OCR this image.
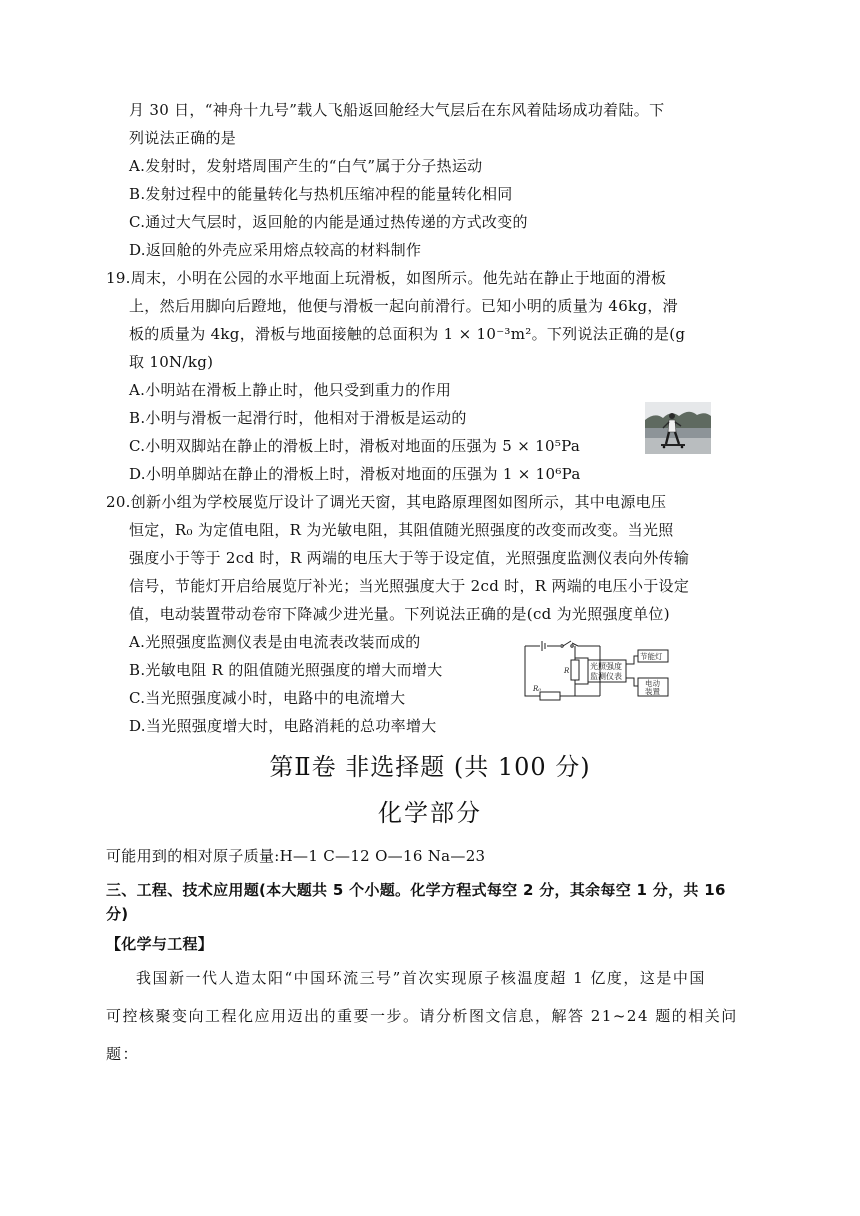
月 30 日，“神舟十九号”载人飞船返回舱经大气层后在东风着陆场成功着陆。下
列说法正确的是
A.发射时，发射塔周围产生的“白气”属于分子热运动
B.发射过程中的能量转化与热机压缩冲程的能量转化相同
C.通过大气层时，返回舱的内能是通过热传递的方式改变的
D.返回舱的外壳应采用熔点较高的材料制作
19.周末，小明在公园的水平地面上玩滑板，如图所示。他先站在静止于地面的滑板
上，然后用脚向后蹬地，他便与滑板一起向前滑行。已知小明的质量为 46kg，滑
板的质量为 4kg，滑板与地面接触的总面积为 1 × 10⁻³m²。下列说法正确的是(g
取 10N/kg)
A.小明站在滑板上静止时，他只受到重力的作用
B.小明与滑板一起滑行时，他相对于滑板是运动的
C.小明双脚站在静止的滑板上时，滑板对地面的压强为 5 × 10⁵Pa
D.小明单脚站在静止的滑板上时，滑板对地面的压强为 1 × 10⁶Pa
20.创新小组为学校展览厅设计了调光天窗，其电路原理图如图所示，其中电源电压
恒定，R₀ 为定值电阻，R 为光敏电阻，其阻值随光照强度的改变而改变。当光照
强度小于等于 2cd 时，R 两端的电压大于等于设定值，光照强度监测仪表向外传输
信号，节能灯开启给展览厅补光；当光照强度大于 2cd 时，R 两端的电压小于设定
值，电动装置带动卷帘下降减少进光量。下列说法正确的是(cd 为光照强度单位)
A.光照强度监测仪表是由电流表改装而成的
B.光敏电阻 R 的阻值随光照强度的增大而增大
C.当光照强度减小时，电路中的电流增大
D.当光照强度增大时，电路消耗的总功率增大
R
R₀
光照强度
监测仪表
节能灯
电动
装置
第Ⅱ卷 非选择题 (共 100 分)
化学部分
可能用到的相对原子质量:H—1 C—12 O—16 Na—23
三、工程、技术应用题(本大题共 5 个小题。化学方程式每空 2 分，其余每空 1 分，共 16
分)
【化学与工程】
我国新一代人造太阳“中国环流三号”首次实现原子核温度超 1 亿度，这是中国
可控核聚变向工程化应用迈出的重要一步。请分析图文信息，解答 21~24 题的相关问
题：
